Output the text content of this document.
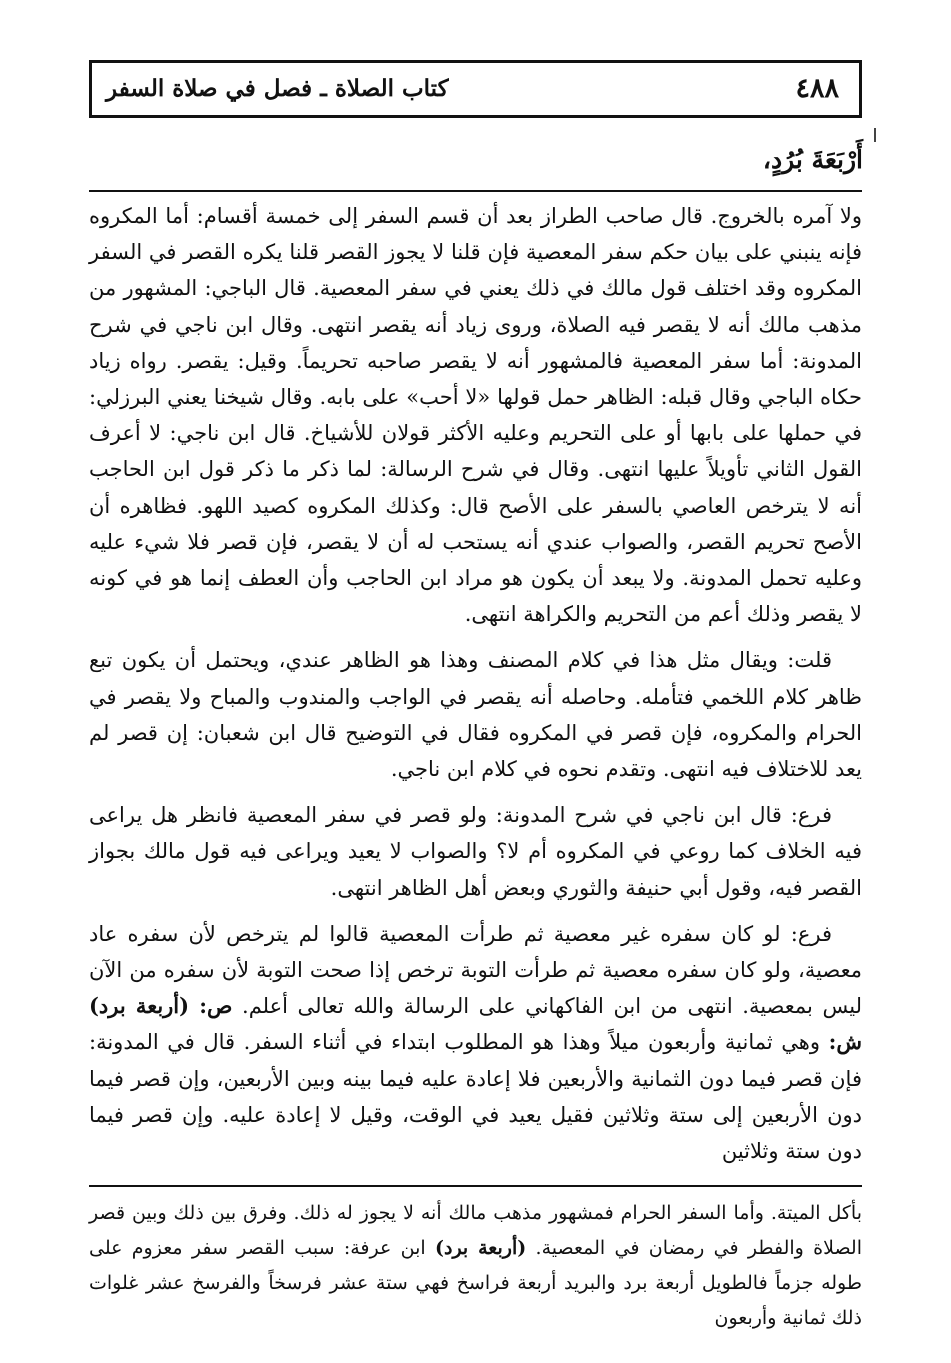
٤٨٨
كتاب الصلاة ـ فصل في صلاة السفر
أَرْبَعَةَ بُرُدٍ،

ولا آمره بالخروج. قال صاحب الطراز بعد أن قسم السفر إلى خمسة أقسام: أما المكروه فإنه ينبني على بيان حكم سفر المعصية فإن قلنا لا يجوز القصر قلنا يكره القصر في السفر المكروه وقد اختلف قول مالك في ذلك يعني في سفر المعصية. قال الباجي: المشهور من مذهب مالك أنه لا يقصر فيه الصلاة، وروى زياد أنه يقصر انتهى. وقال ابن ناجي في شرح المدونة: أما سفر المعصية فالمشهور أنه لا يقصر صاحبه تحريماً. وقيل: يقصر. رواه زياد حكاه الباجي وقال قبله: الظاهر حمل قولها «لا أحب» على بابه. وقال شيخنا يعني البرزلي: في حملها على بابها أو على التحريم وعليه الأكثر قولان للأشياخ. قال ابن ناجي: لا أعرف القول الثاني تأويلاً عليها انتهى. وقال في شرح الرسالة: لما ذكر ما ذكر قول ابن الحاجب أنه لا يترخص العاصي بالسفر على الأصح قال: وكذلك المكروه كصيد اللهو. فظاهره أن الأصح تحريم القصر، والصواب عندي أنه يستحب له أن لا يقصر، فإن قصر فلا شيء عليه وعليه تحمل المدونة. ولا يبعد أن يكون هو مراد ابن الحاجب وأن العطف إنما هو في كونه لا يقصر وذلك أعم من التحريم والكراهة انتهى.

قلت: ويقال مثل هذا في كلام المصنف وهذا هو الظاهر عندي، ويحتمل أن يكون تبع ظاهر كلام اللخمي فتأمله. وحاصله أنه يقصر في الواجب والمندوب والمباح ولا يقصر في الحرام والمكروه، فإن قصر في المكروه فقال في التوضيح قال ابن شعبان: إن قصر لم يعد للاختلاف فيه انتهى. وتقدم نحوه في كلام ابن ناجي.

فرع: قال ابن ناجي في شرح المدونة: ولو قصر في سفر المعصية فانظر هل يراعى فيه الخلاف كما روعي في المكروه أم لا؟ والصواب لا يعيد ويراعى فيه قول مالك بجواز القصر فيه، وقول أبي حنيفة والثوري وبعض أهل الظاهر انتهى.

فرع: لو كان سفره غير معصية ثم طرأت المعصية قالوا لم يترخص لأن سفره عاد معصية، ولو كان سفره معصية ثم طرأت التوبة ترخص إذا صحت التوبة لأن سفره من الآن ليس بمعصية. انتهى من ابن الفاكهاني على الرسالة والله تعالى أعلم. ص: (أربعة برد) ش: وهي ثمانية وأربعون ميلاً وهذا هو المطلوب ابتداء في أثناء السفر. قال في المدونة: فإن قصر فيما دون الثمانية والأربعين فلا إعادة عليه فيما بينه وبين الأربعين، وإن قصر فيما دون الأربعين إلى ستة وثلاثين فقيل يعيد في الوقت، وقيل لا إعادة عليه. وإن قصر فيما دون ستة وثلاثين

بأكل الميتة. وأما السفر الحرام فمشهور مذهب مالك أنه لا يجوز له ذلك. وفرق بين ذلك وبين قصر الصلاة والفطر في رمضان في المعصية. (أربعة برد) ابن عرفة: سبب القصر سفر معزوم على طوله جزماً فالطويل أربعة برد والبريد أربعة فراسخ فهي ستة عشر فرسخاً والفرسخ عشر غلوات ذلك ثمانية وأربعون
